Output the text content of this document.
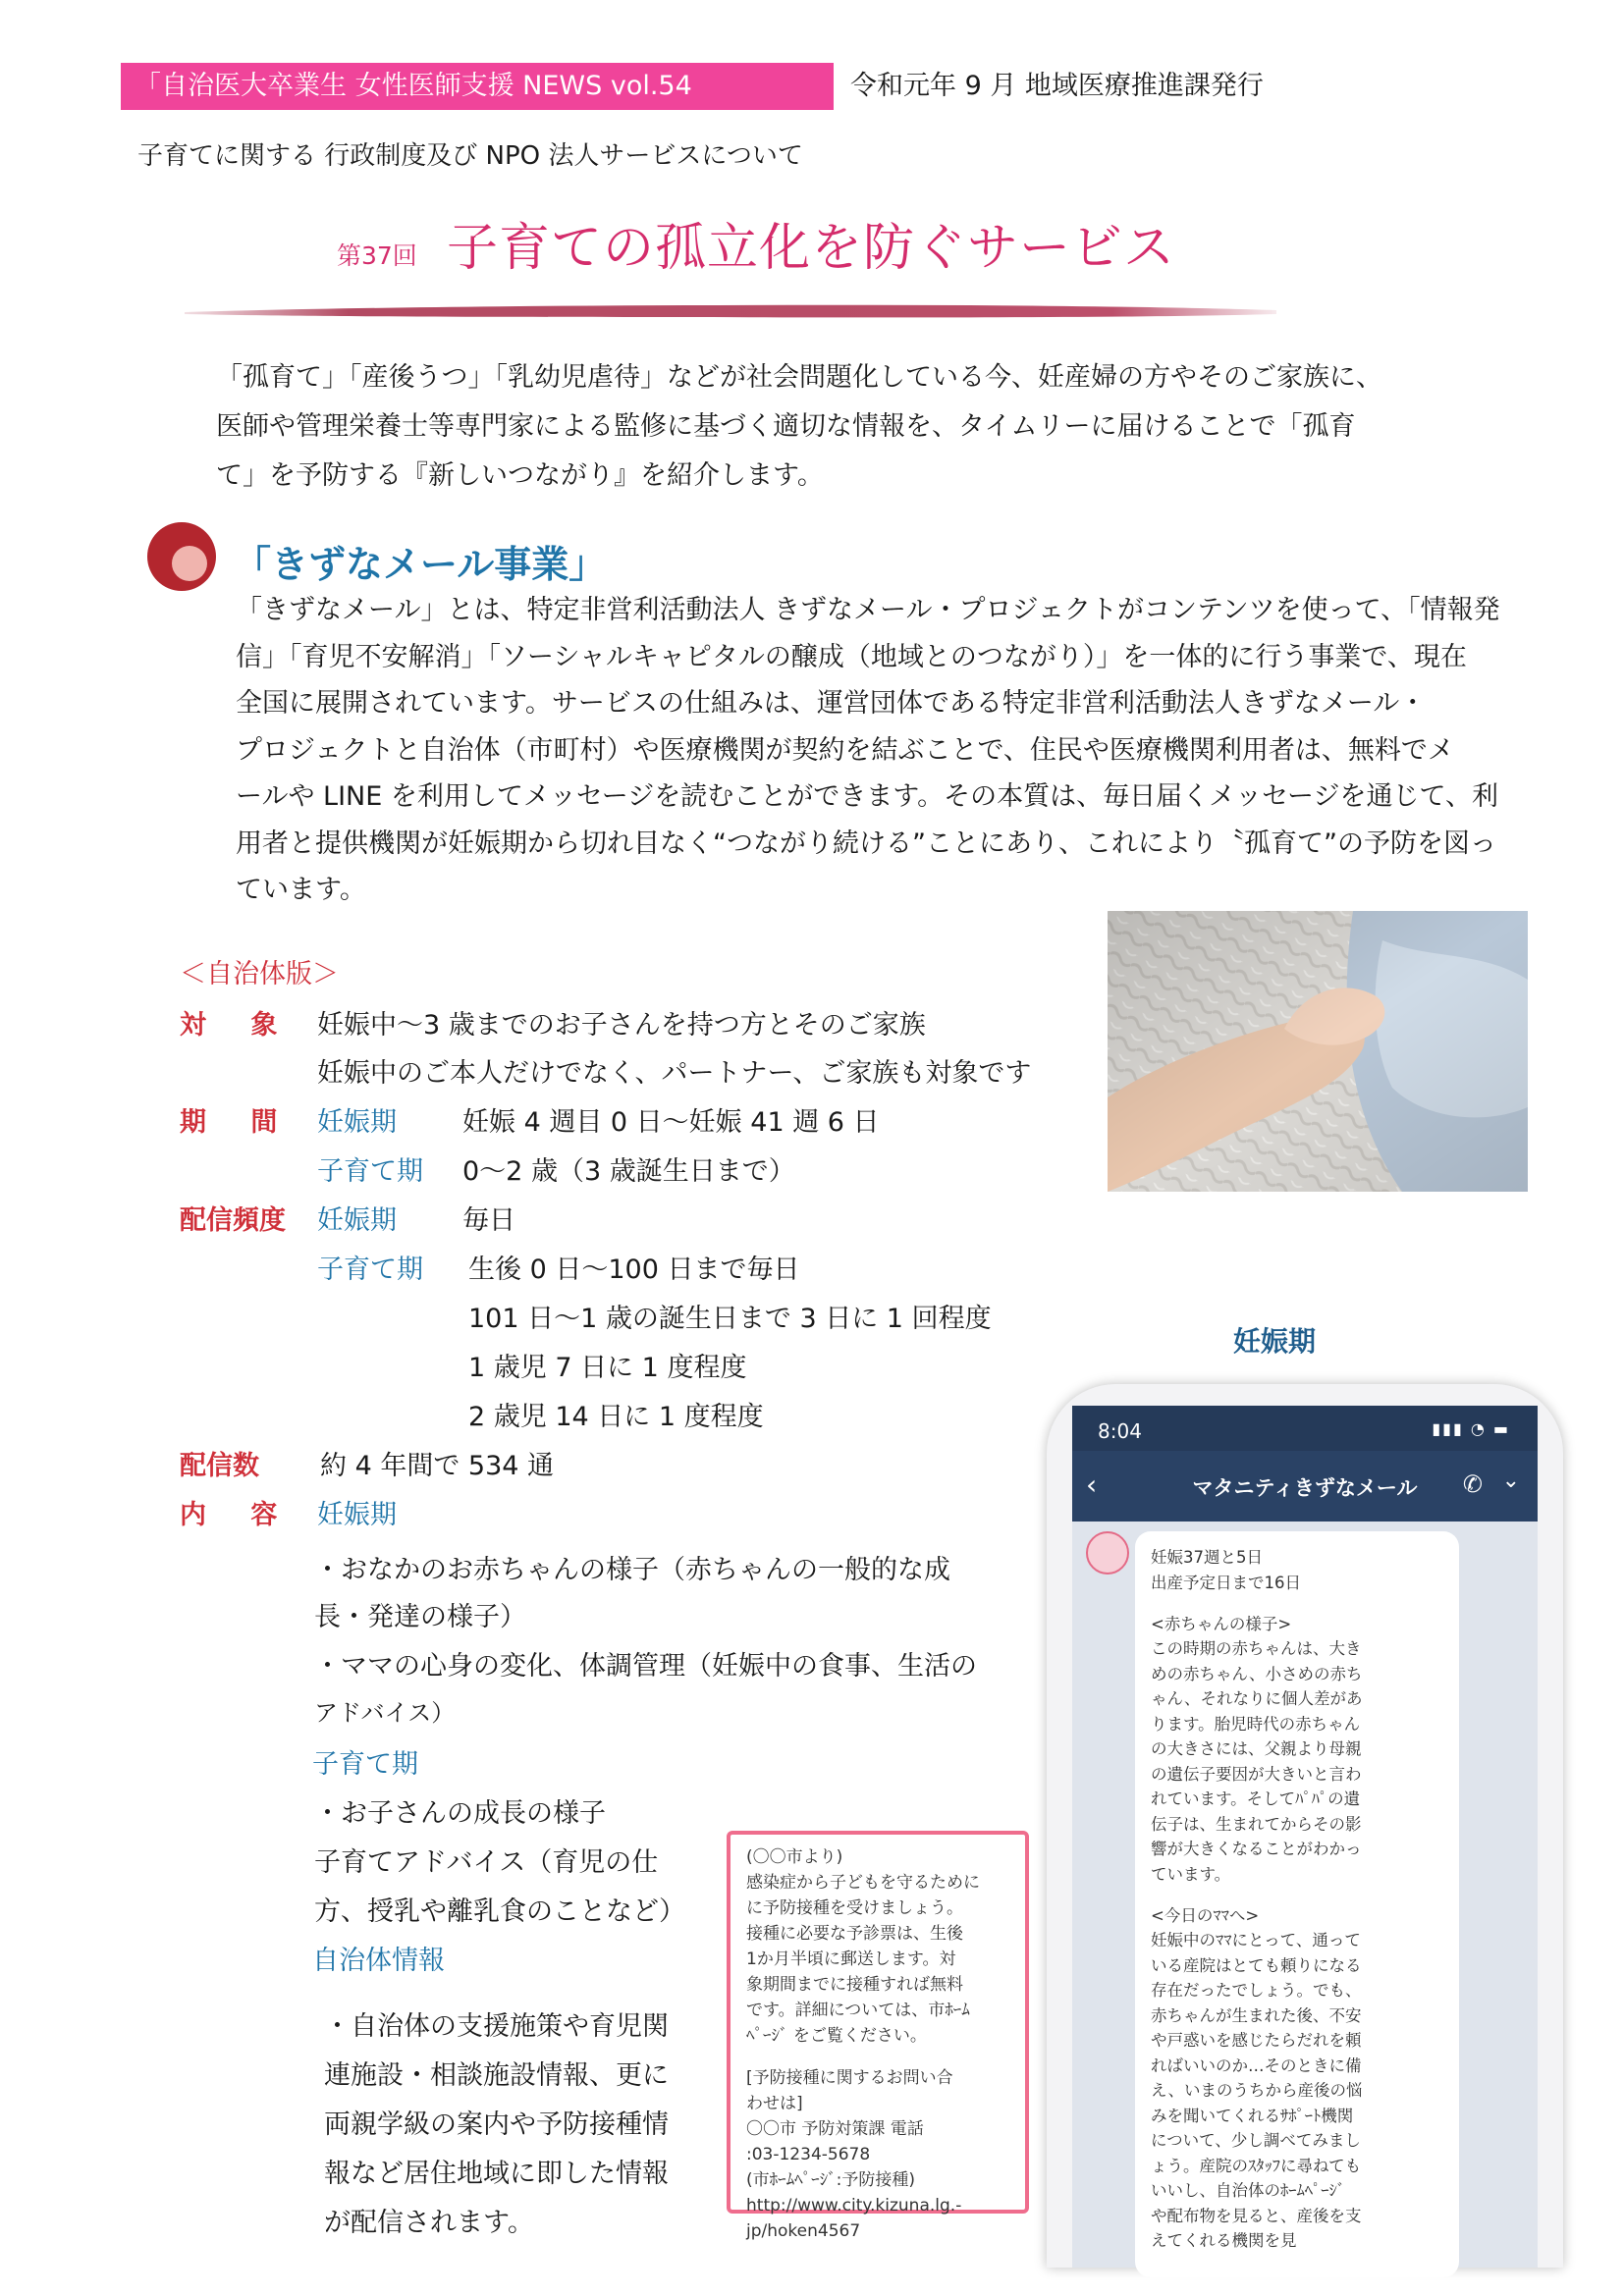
「自治医大卒業生 女性医師支援 NEWS vol.54	令和元年 9 月 地域医療推進課発行
子育てに関する 行政制度及び NPO 法人サービスについて
第37回 子育ての孤立化を防ぐサービス
「孤育て」「産後うつ」「乳幼児虐待」などが社会問題化している今、妊産婦の方やそのご家族に、
医師や管理栄養士等専門家による監修に基づく適切な情報を、タイムリーに届けることで「孤育
て」を予防する『新しいつながり』を紹介します。
「きずなメール事業」
「きずなメール」とは、特定非営利活動法人 きずなメール・プロジェクトがコンテンツを使って、「情報発
信」「育児不安解消」「ソーシャルキャピタルの醸成（地域とのつながり）」を一体的に行う事業で、現在
全国に展開されています。サービスの仕組みは、運営団体である特定非営利活動法人きずなメール・
プロジェクトと自治体（市町村）や医療機関が契約を結ぶことで、住民や医療機関利用者は、無料でメ
ールや LINE を利用してメッセージを読むことができます。その本質は、毎日届くメッセージを通じて、利
用者と提供機関が妊娠期から切れ目なく“つながり続ける”ことにあり、これにより〝孤育て”の予防を図っ
ています。
妊娠期
＜自治体版＞
対 象 妊娠中～3 歳までのお子さんを持つ方とそのご家族
妊娠中のご本人だけでなく、パートナー、ご家族も対象です
期 間 妊娠期 妊娠 4 週目 0 日～妊娠 41 週 6 日
子育て期 0～2 歳（3 歳誕生日まで）
配信頻度 妊娠期 毎日
子育て期 生後 0 日～100 日まで毎日
101 日～1 歳の誕生日まで 3 日に 1 回程度
1 歳児 7 日に 1 度程度
2 歳児 14 日に 1 度程度
配信数 約 4 年間で 534 通
内 容 妊娠期
・おなかのお赤ちゃんの様子（赤ちゃんの一般的な成
長・発達の様子）
・ママの心身の変化、体調管理（妊娠中の食事、生活の
アドバイス）
子育て期
・お子さんの成長の様子
子育てアドバイス（育児の仕
方、授乳や離乳食のことなど）
自治体情報
・自治体の支援施策や育児関
連施設・相談施設情報、更に
両親学級の案内や予防接種情
報など居住地域に即した情報
が配信されます。
8:04	▮▮▮ ◔ ▬
‹	マタニティきずなメール	✆ ⌄
妊娠37週と5日
出産予定日まで16日
<赤ちゃんの様子>
この時期の赤ちゃんは、大き
めの赤ちゃん、小さめの赤ち
ゃん、それなりに個人差があ
ります。胎児時代の赤ちゃん
の大きさには、父親より母親
の遺伝子要因が大きいと言わ
れています。そしてﾊﾟﾊﾟの遺
伝子は、生まれてからその影
響が大きくなることがわかっ
ています。
<今日のﾏﾏへ>
妊娠中のﾏﾏにとって、通って
いる産院はとても頼りになる
存在だったでしょう。でも、
赤ちゃんが生まれた後、不安
や戸惑いを感じたらだれを頼
ればいいのか…そのときに備
え、いまのうちから産後の悩
みを聞いてくれるｻﾎﾟｰﾄ機関
について、少し調べてみまし
ょう。産院のｽﾀｯﾌに尋ねても
いいし、自治体のﾎｰﾑﾍﾟｰｼﾞ
や配布物を見ると、産後を支
えてくれる機関を見
(〇〇市より)
感染症から子どもを守るために
に予防接種を受けましょう。
接種に必要な予診票は、生後
1か月半頃に郵送します。対
象期間までに接種すれば無料
です。詳細については、市ﾎｰﾑ
ﾍﾟｰｼﾞ をご覧ください。
[予防接種に関するお問い合
わせは]
〇〇市 予防対策課 電話
:03-1234-5678
(市ﾎｰﾑﾍﾟｰｼﾞ:予防接種)
http://www.city.kizuna.lg.-
jp/hoken4567
